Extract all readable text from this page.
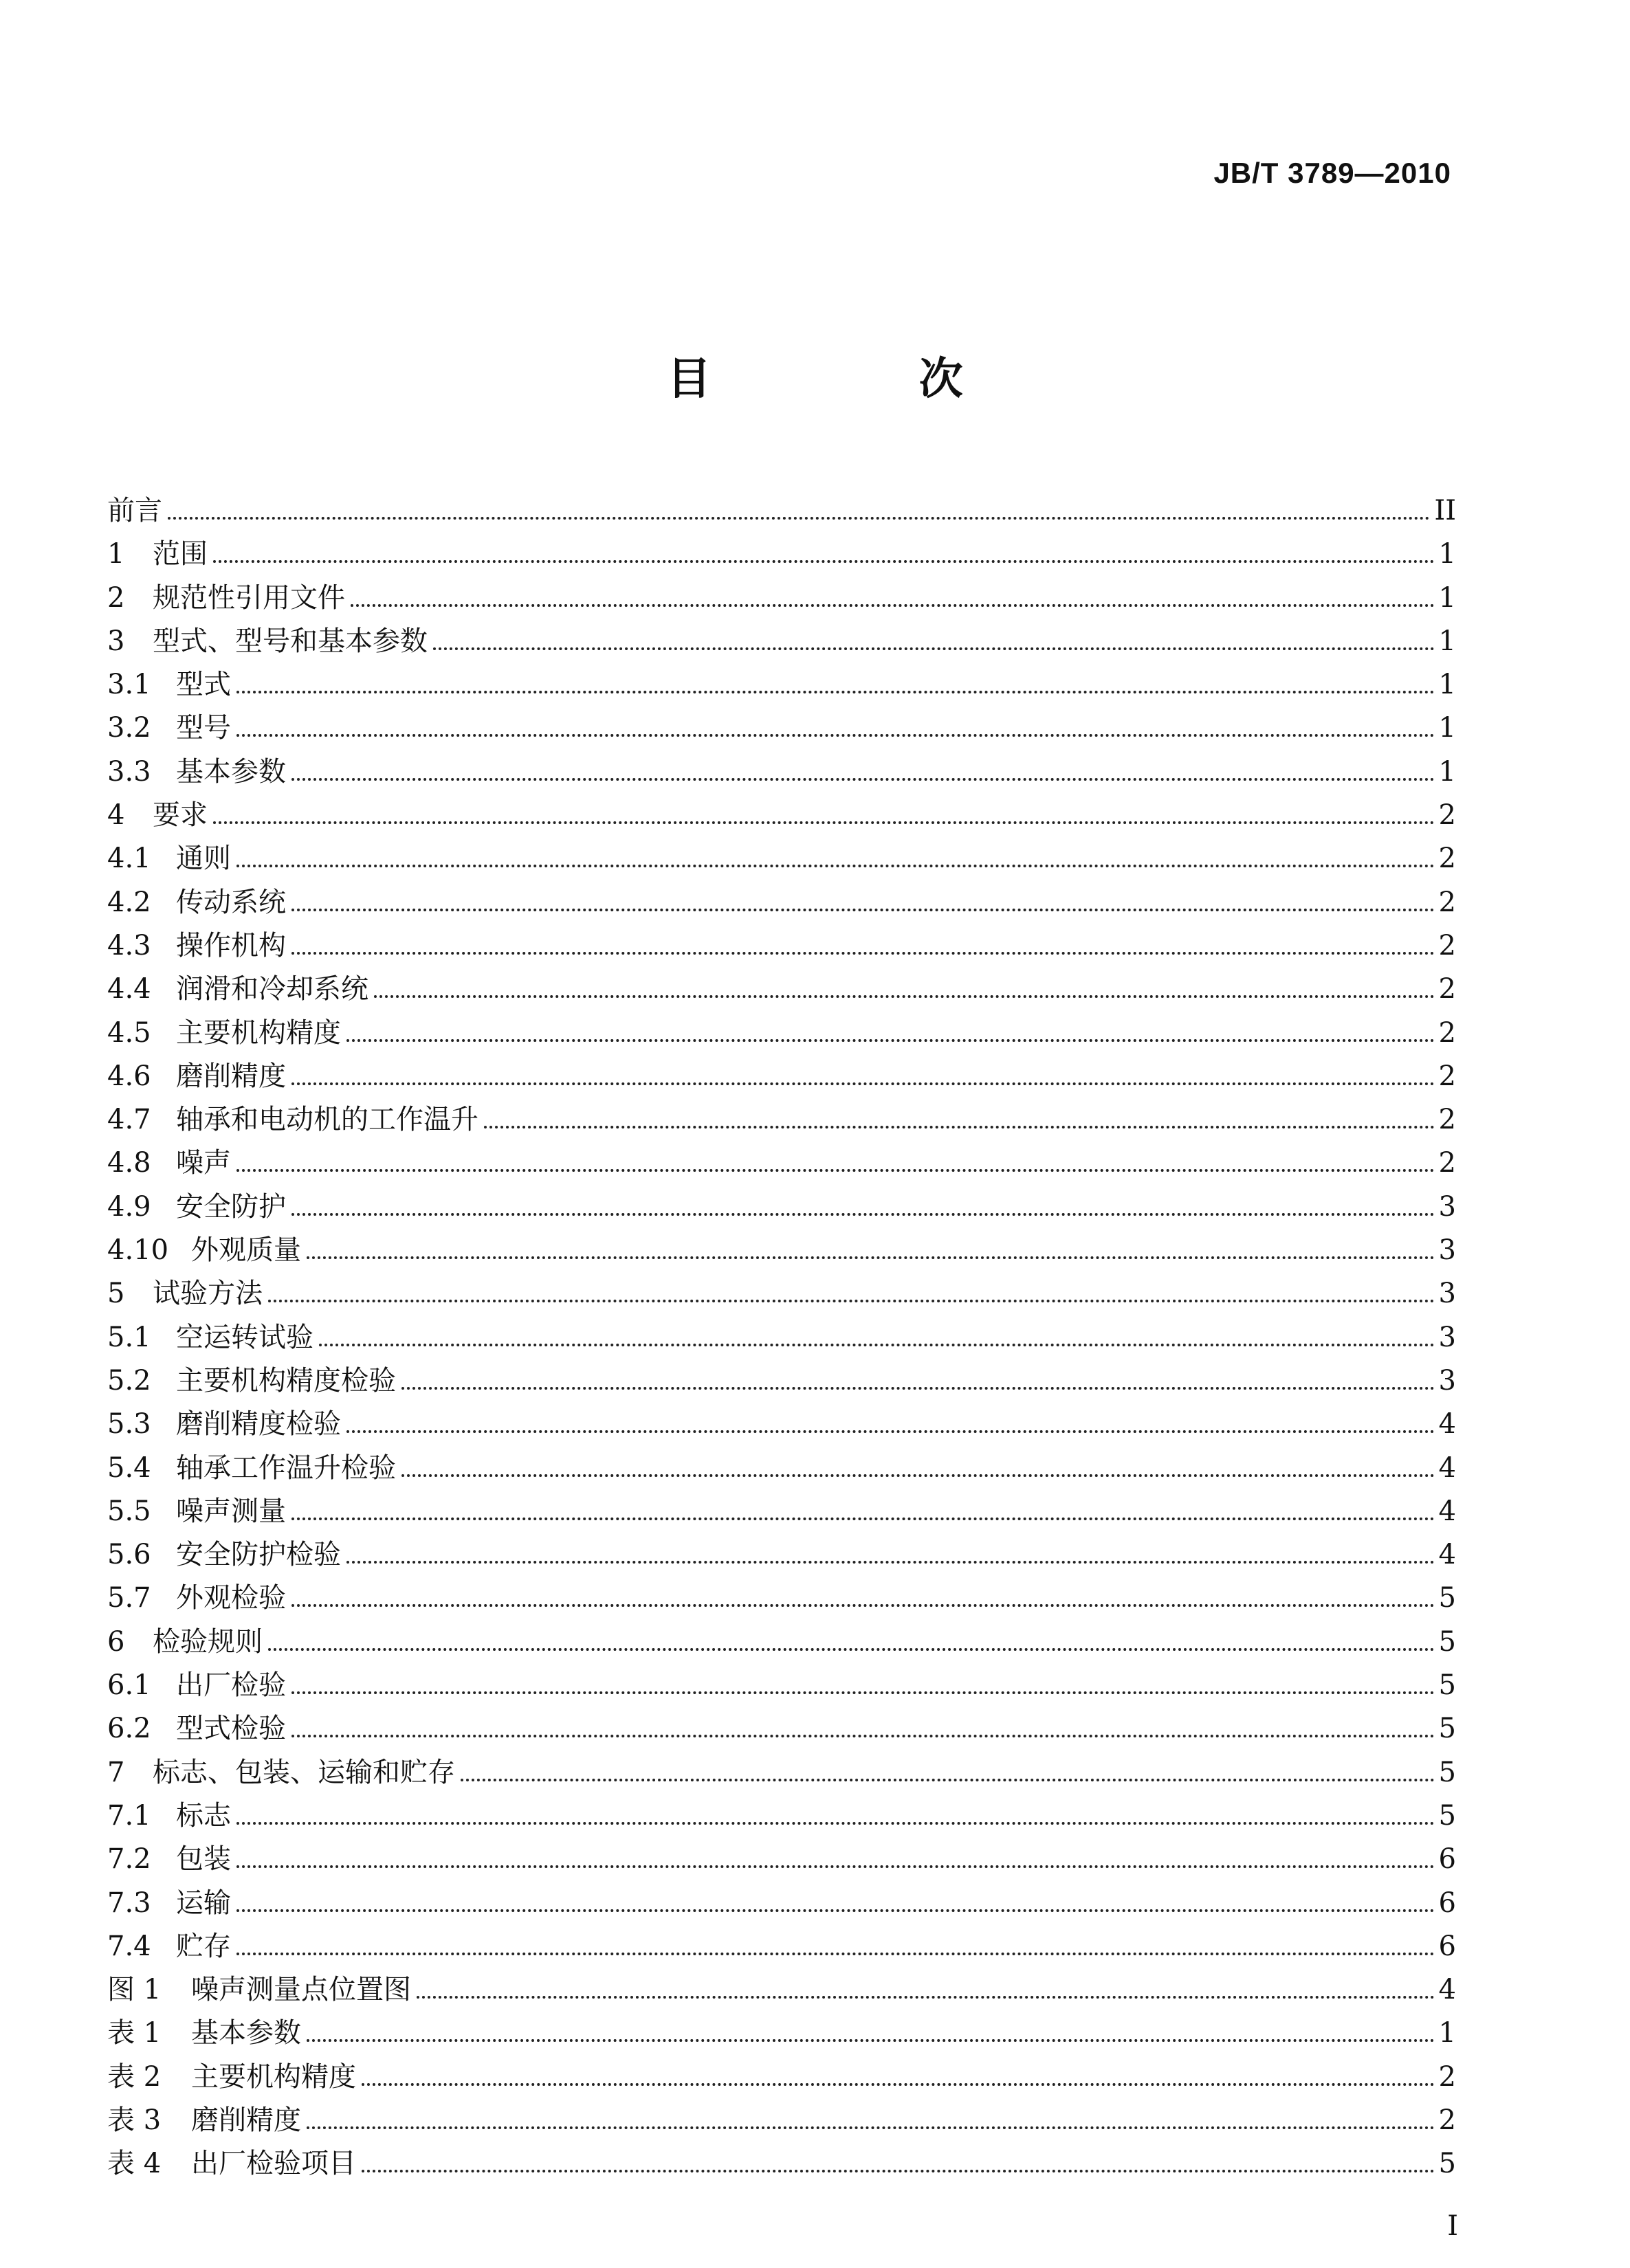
JB/T 3789—2010
目 次
前言	II
1	范围	1
2	规范性引用文件	1
3	型式、型号和基本参数	1
3.1 型式	1
3.2 型号	1
3.3 基本参数	1
4	要求	2
4.1 通则	2
4.2 传动系统	2
4.3 操作机构	2
4.4 润滑和冷却系统	2
4.5 主要机构精度	2
4.6 磨削精度	2
4.7 轴承和电动机的工作温升	2
4.8 噪声	2
4.9 安全防护	3
4.10 外观质量	3
5	试验方法	3
5.1 空运转试验	3
5.2 主要机构精度检验	3
5.3 磨削精度检验	4
5.4 轴承工作温升检验	4
5.5 噪声测量	4
5.6 安全防护检验	4
5.7 外观检验	5
6	检验规则	5
6.1 出厂检验	5
6.2 型式检验	5
7	标志、包装、运输和贮存	5
7.1 标志	5
7.2 包装	6
7.3 运输	6
7.4 贮存	6
图 1	噪声测量点位置图	4
表 1	基本参数	1
表 2	主要机构精度	2
表 3	磨削精度	2
表 4	出厂检验项目	5
I
